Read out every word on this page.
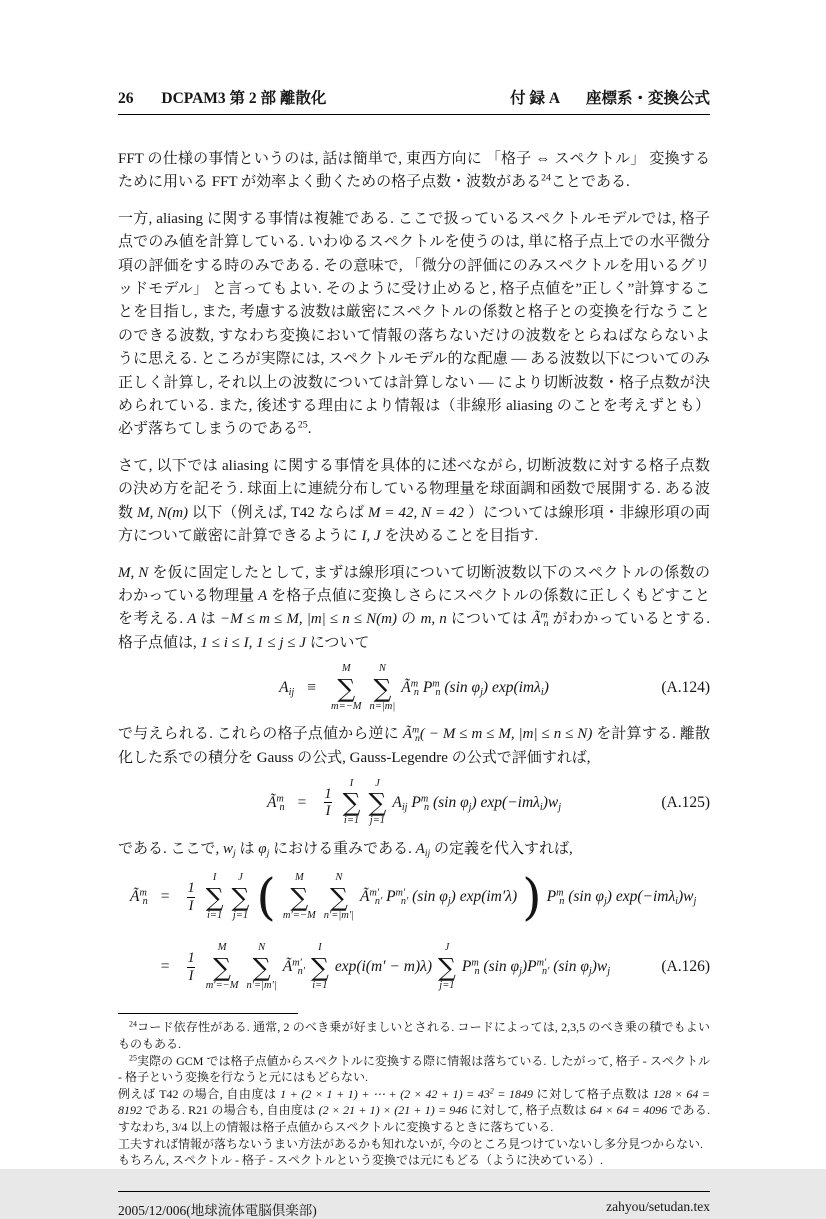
26 DCPAM3 第 2 部 離散化	付 録 A 座標系・変換公式

FFT の仕様の事情というのは, 話は簡単で, 東西方向に 「格子 ⇔ スペクトル」 変換するために用いる FFT が効率よく動くための格子点数・波数がある$^{24}$ことである.

一方, aliasing に関する事情は複雑である. ここで扱っているスペクトルモデルでは, 格子点でのみ値を計算している. いわゆるスペクトルを使うのは, 単に格子点上での水平微分項の評価をする時のみである. その意味で, 「微分の評価にのみスペクトルを用いるグリッドモデル」 と言ってもよい. そのように受け止めると, 格子点値を”正しく”計算することを目指し, また, 考慮する波数は厳密にスペクトルの係数と格子との変換を行なうことのできる波数, すなわち変換において情報の落ちないだけの波数をとらねばならないように思える. ところが実際には, スペクトルモデル的な配慮 — ある波数以下についてのみ正しく計算し, それ以上の波数については計算しない — により切断波数・格子点数が決められている. また, 後述する理由により情報は（非線形 aliasing のことを考えずとも）必ず落ちてしまうのである$^{25}$.

さて, 以下では aliasing に関する事情を具体的に述べながら, 切断波数に対する格子点数の決め方を記そう. 球面上に連続分布している物理量を球面調和函数で展開する. ある波数 M, N(m) 以下（例えば, T42 ならば M = 42, N = 42 ）については線形項・非線形項の両方について厳密に計算できるように I, J を決めることを目指す.

M, N を仮に固定したとして, まずは線形項について切断波数以下のスペクトルの係数のわかっている物理量 A を格子点値に変換しさらにスペクトルの係数に正しくもどすことを考える. A は −M ≤ m ≤ M, |m| ≤ n ≤ N(m) の m, n については $Ã^m_n$ がわかっているとする. 格子点値は, 1 ≤ i ≤ I, 1 ≤ j ≤ J について

$A_{ij}$ ≡
M
∑
m=−M
N
∑
n=|m|
$Ã^m_n$ $P^m_n$ (sin $\varphi_j$) exp(imλ$_i$)	(A.124)

で与えられる. これらの格子点値から逆に $Ã^m_n( - M \le m \le M$, |m| ≤ n ≤ N) を計算する. 離散化した系での積分を Gauss の公式, Gauss-Legendre の公式で評価すれば,

$Ã^m_n = \frac{1}{I}$
I
∑
i=1
J
∑
j=1
$A_{ij}$ $P^m_n$ (sin $\varphi_j$) $\exp(-im\lambda_i)w_j$	(A.125)

である. ここで, $w_j$ は $\varphi_j$ における重みである. $A_{ij}$ の定義を代入すれば,

$Ã^m_n = \frac{1}{I}$
I
∑
i=1
J
∑
j=1 ( M
∑
m′=−M
N
∑
n′=|m′|
$Ã^{m'}_{n'}$ $P^{m'}_{n'}$ (sin $\varphi_j$) exp(im′λ) ) $P^m_n$ (sin $\varphi_j$) $\exp(-im\lambda_i)w_j$
= $\frac{1}{I}$
M
∑
m′=−M
N
∑
n′=|m′|
$Ã^{m'}_{n'}$
I
∑
i=1
exp(i(m′ − m)λ)
J
∑
j=1
$P^m_n$ (sin $\varphi_j)P^{m'}_{n'}$ (sin $\varphi_j)w_j$	(A.126)

$^{24}$コード依存性がある. 通常, 2 のべき乗が好ましいとされる. コードによっては, 2,3,5 のべき乗の積でもよいものもある.

$^{25}$実際の GCM では格子点値からスペクトルに変換する際に情報は落ちている. したがって, 格子 - スペクトル - 格子という変換を行なうと元にはもどらない.

例えば T42 の場合, 自由度は 1 + (2 × 1 + 1) + ⋯ + $(2 \times 42 + 1) = 43^2 = 1849$ に対して格子点数は 128 × 64 = 8192 である. R21 の場合も, 自由度は (2 × 21 + 1) × (21 + 1) = 946 に対して, 格子点数は 64 × 64 = 4096 である. すなわち, 3/4 以上の情報は格子点値からスペクトルに変換するときに落ちている.

工夫すれば情報が落ちないうまい方法があるかも知れないが, 今のところ見つけていないし多分見つからない.

もちろん, スペクトル - 格子 - スペクトルという変換では元にもどる（ように決めている）.

2005/12/006(地球流体電脳倶楽部)	zahyou/setudan.tex
